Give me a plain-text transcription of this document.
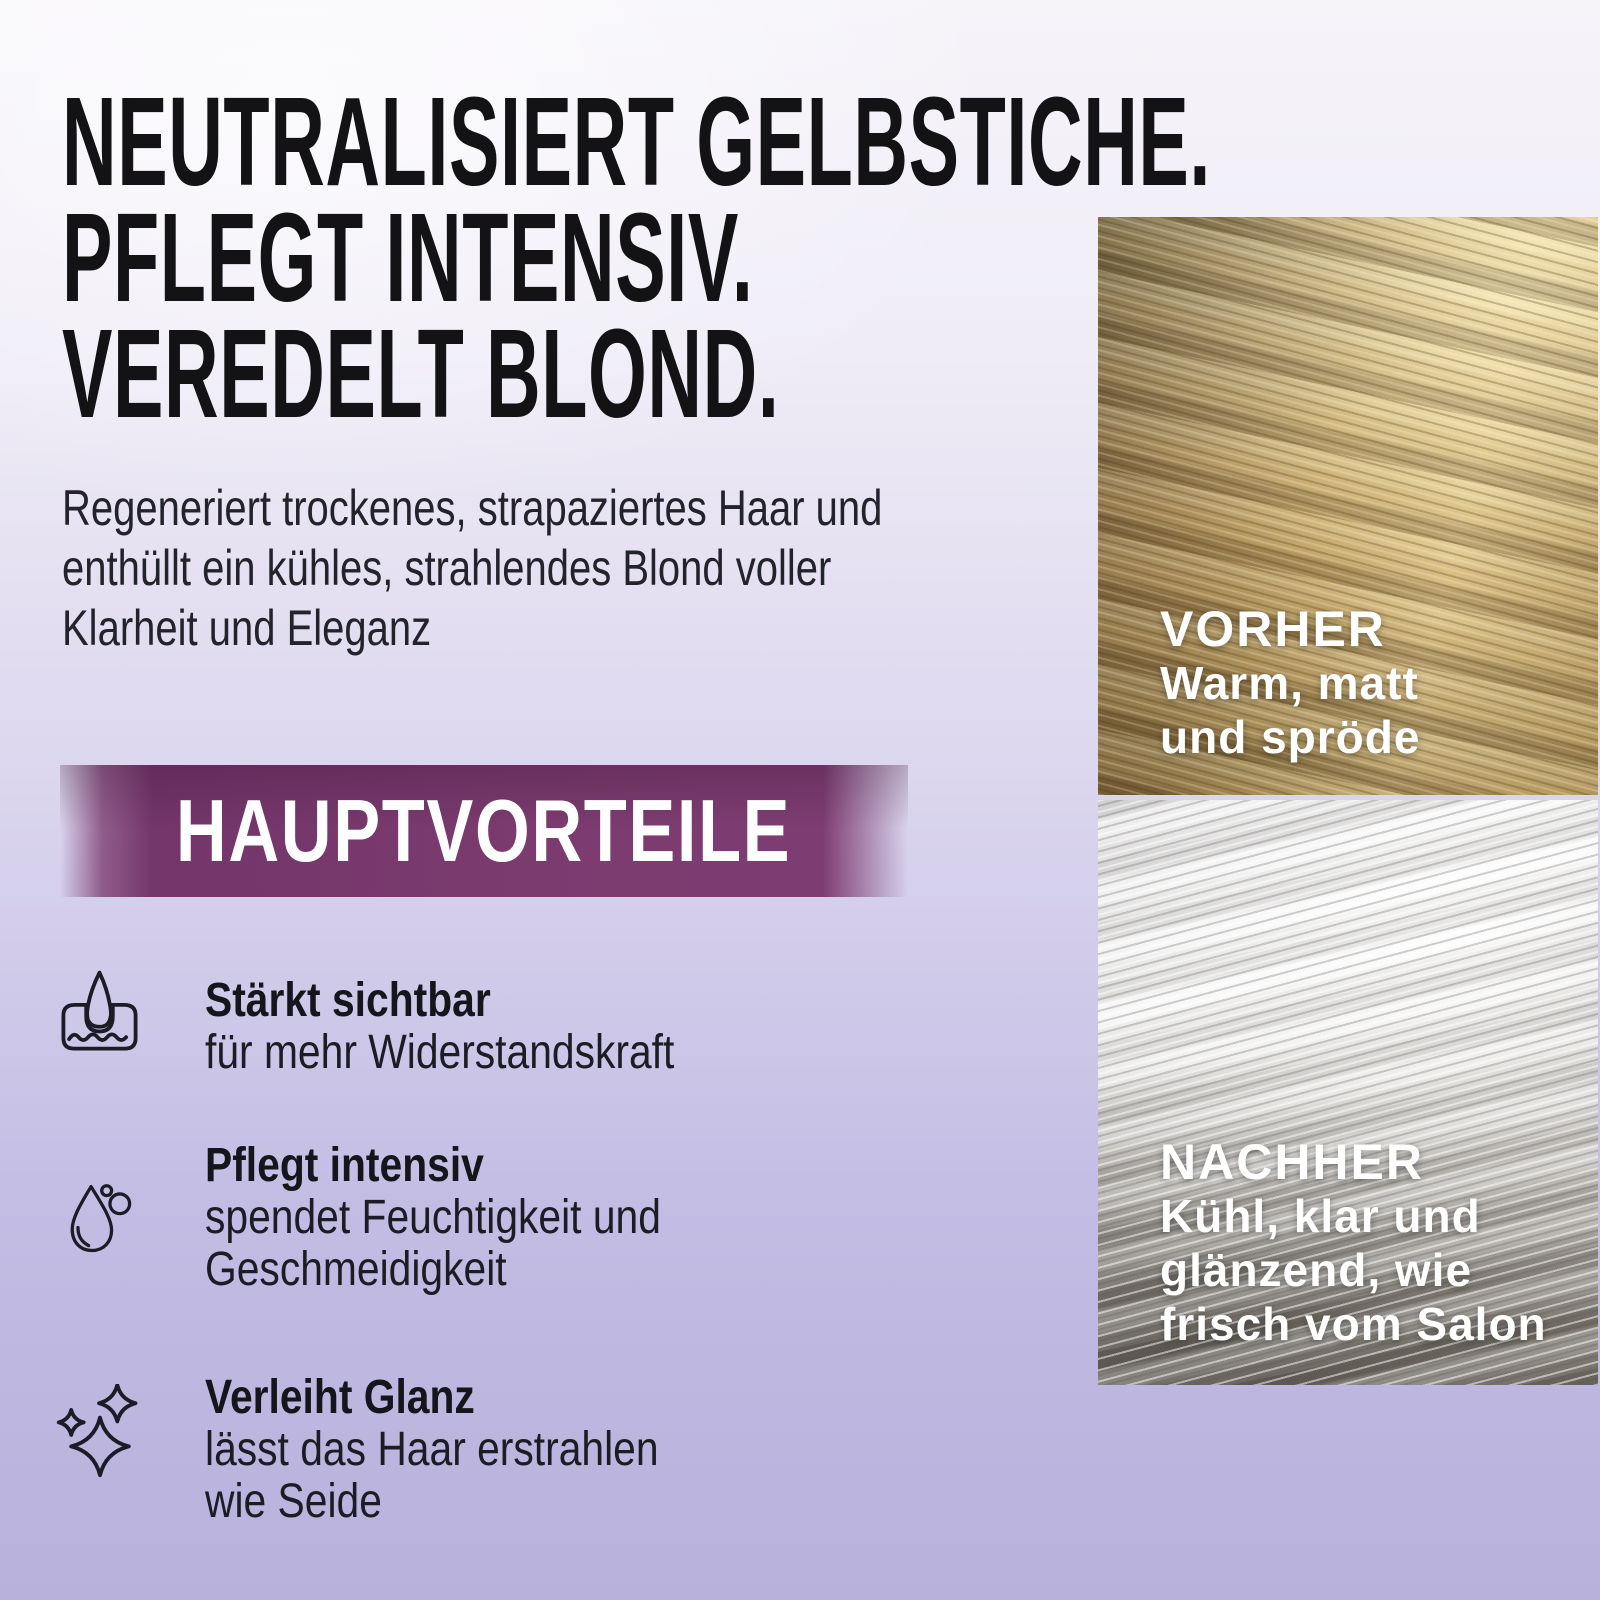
NEUTRALISIERT GELBSTICHE.
PFLEGT INTENSIV.
VEREDELT BLOND.
Regeneriert trockenes, strapaziertes Haar und
enthüllt ein kühles, strahlendes Blond voller
Klarheit und Eleganz
HAUPTVORTEILE
Stärkt sichtbar
für mehr Widerstandskraft
Pflegt intensiv
spendet Feuchtigkeit und
Geschmeidigkeit
Verleiht Glanz
lässt das Haar erstrahlen
wie Seide
VORHER
Warm, matt
und spröde
NACHHER
Kühl, klar und
glänzend, wie
frisch vom Salon
